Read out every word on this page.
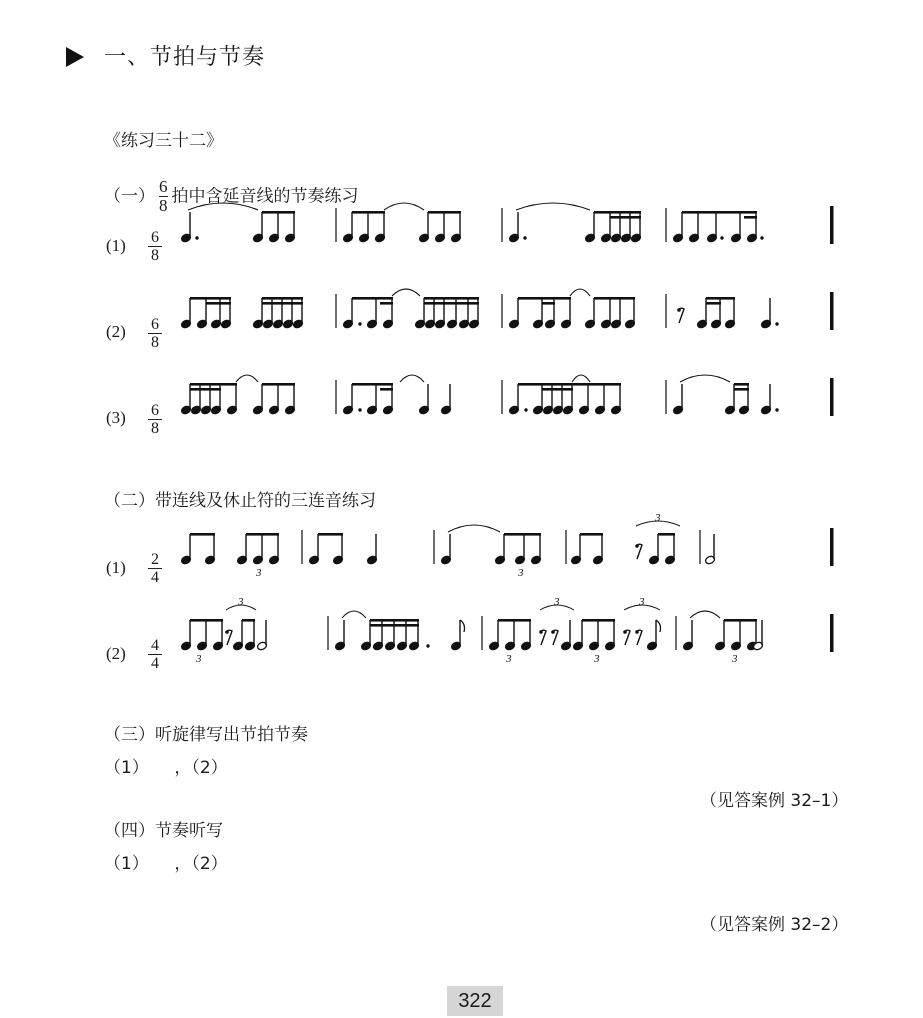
一、节拍与节奏
《练习三十二》
（一） $\frac{6}{8}$ 拍中含延音线的节奏练习
$(1) \frac{6}{8}$
$(2) \frac{6}{8}$
$(3) \frac{6}{8}$
（二）带连线及休止符的三连音练习
$(1) \frac{2}{4}$
$(2) \frac{4}{4}$
（三）听旋律写出节拍节奏
（1）　　，（2）
（见答案例 32–1）
（四）节奏听写
（1）　　，（2）
（见答案例 32–2）
322
3	3
3
3
3
3
3
3
3
3
